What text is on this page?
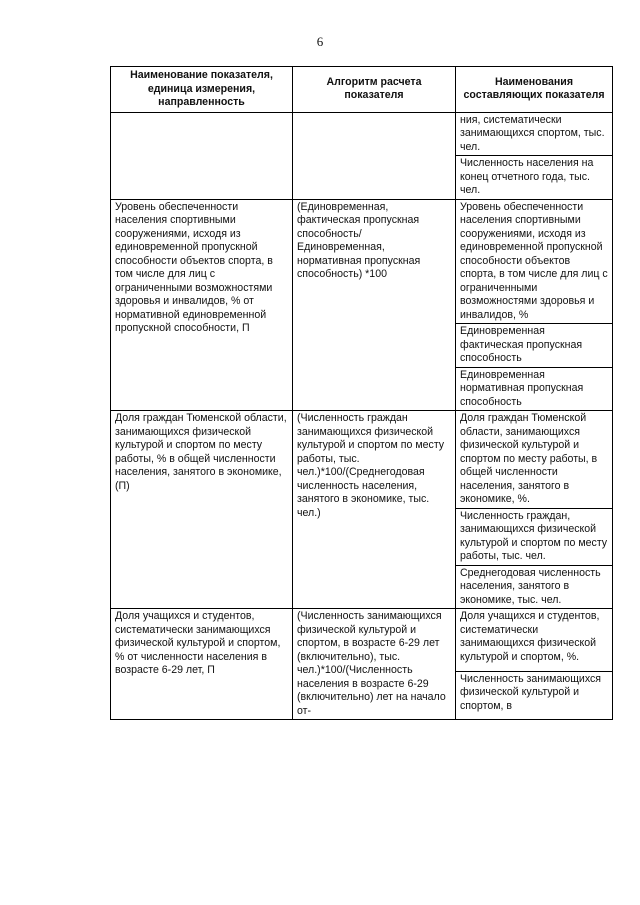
6
Наименование показателя, единица измерения, направленность	Алгоритм расчета показателя	Наименования составляющих показателя
		ния, систематически занимающихся спортом, тыс. чел.
		Численность населения на конец отчетного года, тыс. чел.
Уровень обеспеченности населения спортивными сооружениями, исходя из единовременной пропускной способности объектов спорта, в том числе для лиц с ограниченными возможностями здоровья и инвалидов, % от нормативной единовременной пропускной способности, П	(Единовременная, фактическая пропускная способность/ Единовременная, нормативная пропускная способность) *100	Уровень обеспеченности населения спортивными сооружениями, исходя из единовременной пропускной способности объектов спорта, в том числе для лиц с ограниченными возможностями здоровья и инвалидов, %
		Единовременная фактическая пропускная способность
		Единовременная нормативная пропускная способность
Доля граждан Тюменской области, занимающихся физической культурой и спортом по месту работы, % в общей численности населения, занятого в экономике, (П)	(Численность граждан занимающихся физической культурой и спортом по месту работы, тыс. чел.)*100/(Среднегодовая численность населения, занятого в экономике, тыс. чел.)	Доля граждан Тюменской области, занимающихся физической культурой и спортом по месту работы, в общей численности населения, занятого в экономике, %.
		Численность граждан, занимающихся физической культурой и спортом по месту работы, тыс. чел.
		Среднегодовая численность населения, занятого в экономике, тыс. чел.
Доля учащихся и студентов, систематически занимающихся физической культурой и спортом, % от численности населения в возрасте 6-29 лет, П	(Численность занимающихся физической культурой и спортом, в возрасте 6-29 лет (включительно), тыс. чел.)*100/(Численность населения в возрасте 6-29 (включительно) лет на начало от-	Доля учащихся и студентов, систематически занимающихся физической культурой и спортом, %.
		Численность занимающихся физической культурой и спортом, в
